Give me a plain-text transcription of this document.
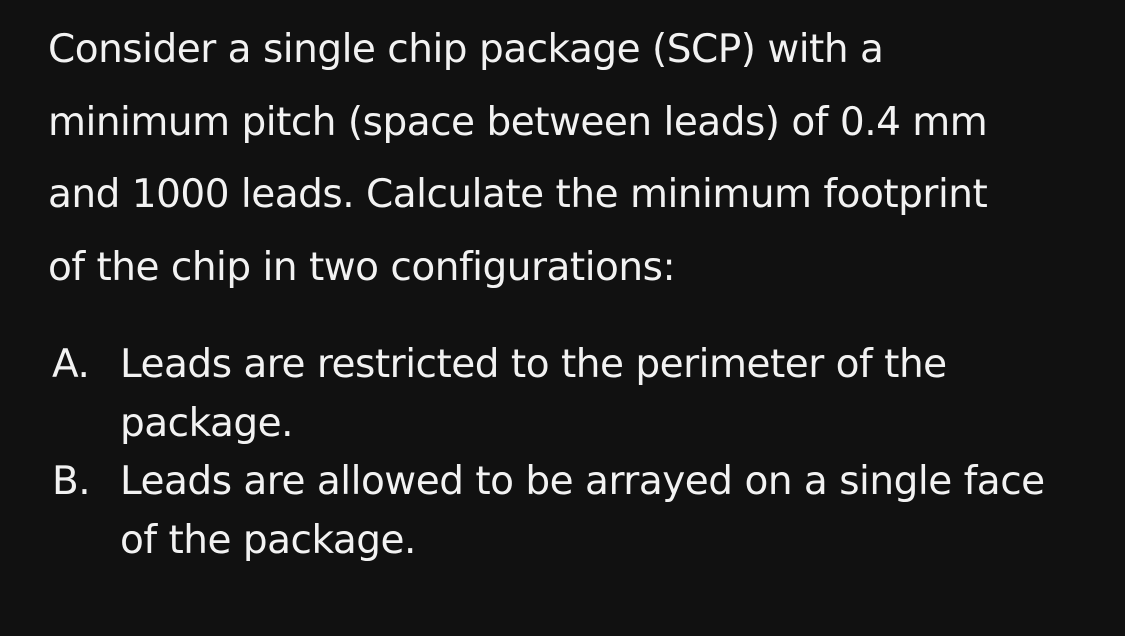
Consider a single chip package (SCP) with a
minimum pitch (space between leads) of 0.4 mm
and 1000 leads. Calculate the minimum footprint
of the chip in two configurations:

A. Leads are restricted to the perimeter of the package.
B. Leads are allowed to be arrayed on a single face of the package.
